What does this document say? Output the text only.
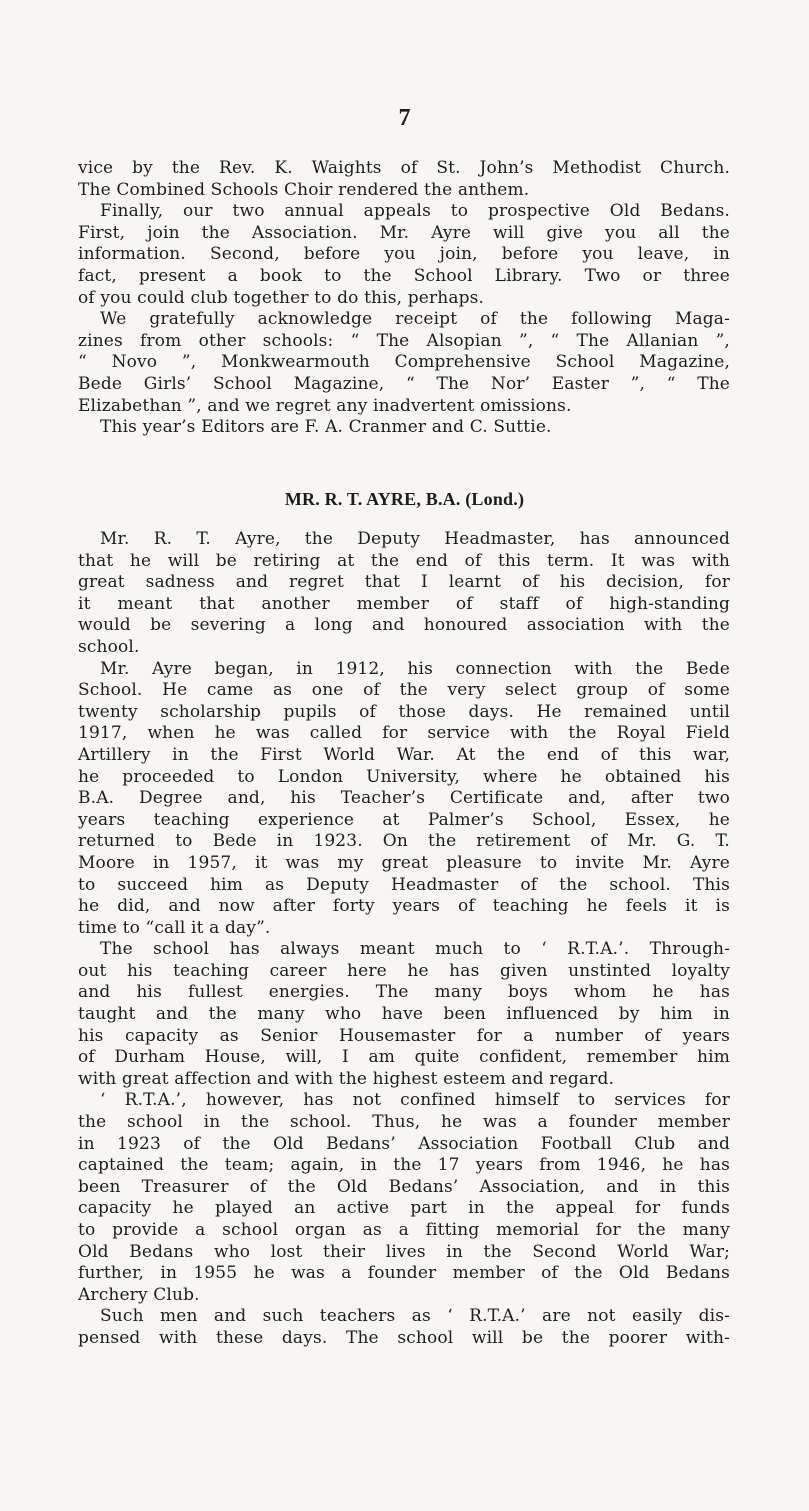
7
vice by the Rev. K. Waights of St. John’s Methodist Church.
The Combined Schools Choir rendered the anthem.
Finally, our two annual appeals to prospective Old Bedans.
First, join the Association. Mr. Ayre will give you all the
information. Second, before you join, before you leave, in
fact, present a book to the School Library. Two or three
of you could club together to do this, perhaps.
We gratefully acknowledge receipt of the following Maga-
zines from other schools: “ The Alsopian ”, “ The Allanian ”,
“ Novo ”, Monkwearmouth Comprehensive School Magazine,
Bede Girls’ School Magazine, “ The Nor’ Easter ”, “ The
Elizabethan ”, and we regret any inadvertent omissions.
This year’s Editors are F. A. Cranmer and C. Suttie.
MR. R. T. AYRE, B.A. (Lond.)
Mr. R. T. Ayre, the Deputy Headmaster, has announced
that he will be retiring at the end of this term. It was with
great sadness and regret that I learnt of his decision, for
it meant that another member of staff of high-standing
would be severing a long and honoured association with the
school.
Mr. Ayre began, in 1912, his connection with the Bede
School. He came as one of the very select group of some
twenty scholarship pupils of those days. He remained until
1917, when he was called for service with the Royal Field
Artillery in the First World War. At the end of this war,
he proceeded to London University, where he obtained his
B.A. Degree and, his Teacher’s Certificate and, after two
years teaching experience at Palmer’s School, Essex, he
returned to Bede in 1923. On the retirement of Mr. G. T.
Moore in 1957, it was my great pleasure to invite Mr. Ayre
to succeed him as Deputy Headmaster of the school. This
he did, and now after forty years of teaching he feels it is
time to “call it a day”.
The school has always meant much to ‘ R.T.A.’. Through-
out his teaching career here he has given unstinted loyalty
and his fullest energies. The many boys whom he has
taught and the many who have been influenced by him in
his capacity as Senior Housemaster for a number of years
of Durham House, will, I am quite confident, remember him
with great affection and with the highest esteem and regard.
‘ R.T.A.’, however, has not confined himself to services for
the school in the school. Thus, he was a founder member
in 1923 of the Old Bedans’ Association Football Club and
captained the team; again, in the 17 years from 1946, he has
been Treasurer of the Old Bedans’ Association, and in this
capacity he played an active part in the appeal for funds
to provide a school organ as a fitting memorial for the many
Old Bedans who lost their lives in the Second World War;
further, in 1955 he was a founder member of the Old Bedans
Archery Club.
Such men and such teachers as ‘ R.T.A.’ are not easily dis-
pensed with these days. The school will be the poorer with-
